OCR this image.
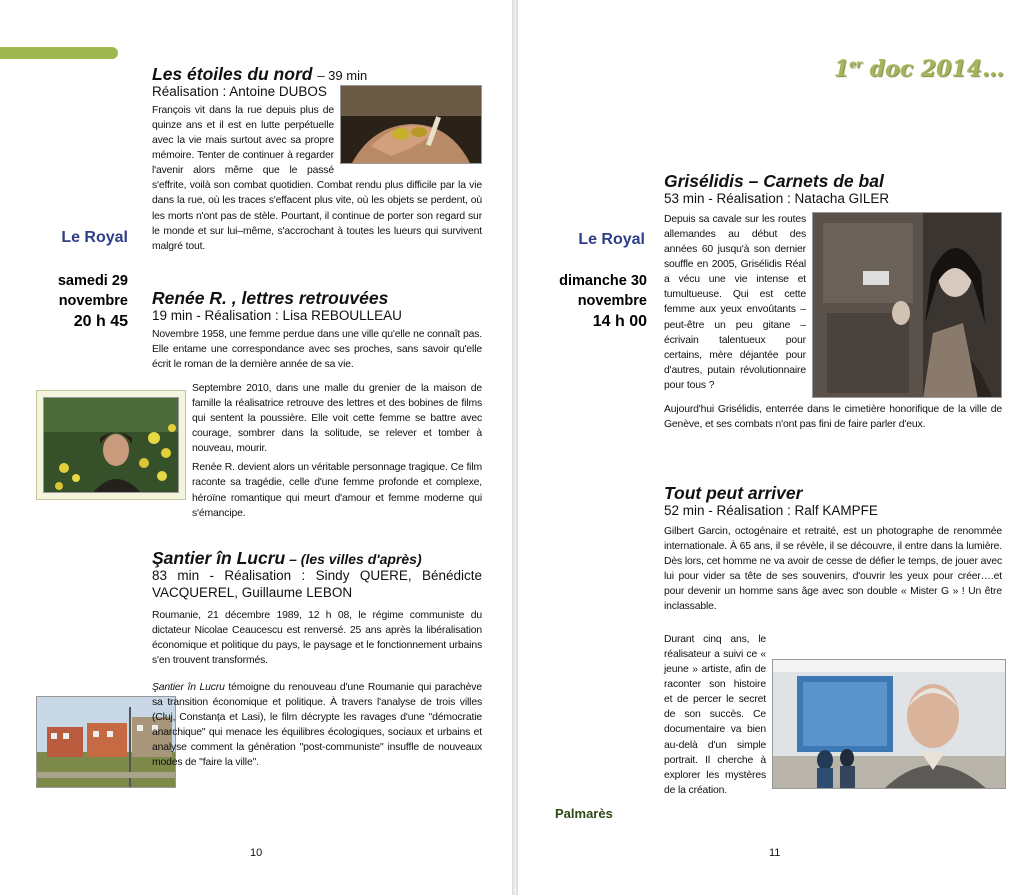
Le Royal
samedi 29
novembre
20 h 45
Les étoiles du nord – 39 min
Réalisation : Antoine DUBOS
François vit dans la rue depuis plus de quinze ans et il est en lutte perpétuelle avec la vie mais surtout avec sa propre mémoire. Tenter de continuer à regarder l'avenir alors même que le passé s'effrite, voilà son combat quotidien. Combat rendu plus difficile par la vie dans la rue, où les traces s'effacent plus vite, où les objets se perdent, où les morts n'ont pas de stèle. Pourtant, il continue de porter son regard sur le monde et sur lui–même, s'accrochant à toutes les lueurs qui survivent malgré tout.
Renée R. , lettres retrouvées
19 min - Réalisation : Lisa REBOULLEAU
Novembre 1958, une femme perdue dans une ville qu'elle ne connaît pas. Elle entame une correspondance avec ses proches, sans savoir qu'elle écrit le roman de la dernière année de sa vie.
Septembre 2010, dans une malle du grenier de la maison de famille la réalisatrice retrouve des lettres et des bobines de films qui sentent la poussière. Elle voit cette femme se battre avec courage, sombrer dans la solitude, se relever et tomber à nouveau, mourir.
Renée R. devient alors un véritable personnage tragique. Ce film raconte sa tragédie, celle d'une femme profonde et complexe, héroïne romantique qui meurt d'amour et femme moderne qui s'émancipe.
Şantier în Lucru – (les villes d'après)
83 min - Réalisation : Sindy QUERE, Bénédicte VACQUEREL, Guillaume LEBON
Roumanie, 21 décembre 1989, 12 h 08, le régime communiste du dictateur Nicolae Ceaucescu est renversé. 25 ans après la libéralisation économique et politique du pays, le paysage et le fonctionnement urbains s'en trouvent transformés.
Şantier în Lucru témoigne du renouveau d'une Roumanie qui parachève sa transition économique et politique. À travers l'analyse de trois villes (Cluj, Constanța et Lasi), le film décrypte les ravages d'une "démocratie anarchique" qui menace les équilibres écologiques, sociaux et urbains et analyse comment la génération "post-communiste" insuffle de nouveaux modes de "faire la ville".
10
1er doc 2014…
Le Royal
dimanche 30
novembre
14 h 00
Grisélidis – Carnets de bal
53 min - Réalisation : Natacha GILER
Depuis sa cavale sur les routes allemandes au début des années 60 jusqu'à son dernier souffle en 2005, Grisélidis Réal a vécu une vie intense et tumultueuse. Qui est cette femme aux yeux envoûtants – peut-être un peu gitane – écrivain talentueux pour certains, mère déjantée pour d'autres, putain révolutionnaire pour tous ?
Aujourd'hui Grisélidis, enterrée dans le cimetière honorifique de la ville de Genève, et ses combats n'ont pas fini de faire parler d'eux.
Tout peut arriver
52 min - Réalisation : Ralf KAMPFE
Gilbert Garcin, octogénaire et retraité, est un photographe de renommée internationale. À 65 ans, il se révèle, il se découvre, il entre dans la lumière. Dès lors, cet homme ne va avoir de cesse de défier le temps, de jouer avec lui pour vider sa tête de ses souvenirs, d'ouvrir les yeux pour créer….et pour devenir un homme sans âge avec son double « Mister G » ! Un être inclassable.
Durant cinq ans, le réalisateur a suivi ce « jeune » artiste, afin de raconter son histoire et de percer le secret de son succès. Ce documentaire va bien au-delà d'un simple portrait. Il cherche à explorer les mystères de la création.
11
Palmarès
